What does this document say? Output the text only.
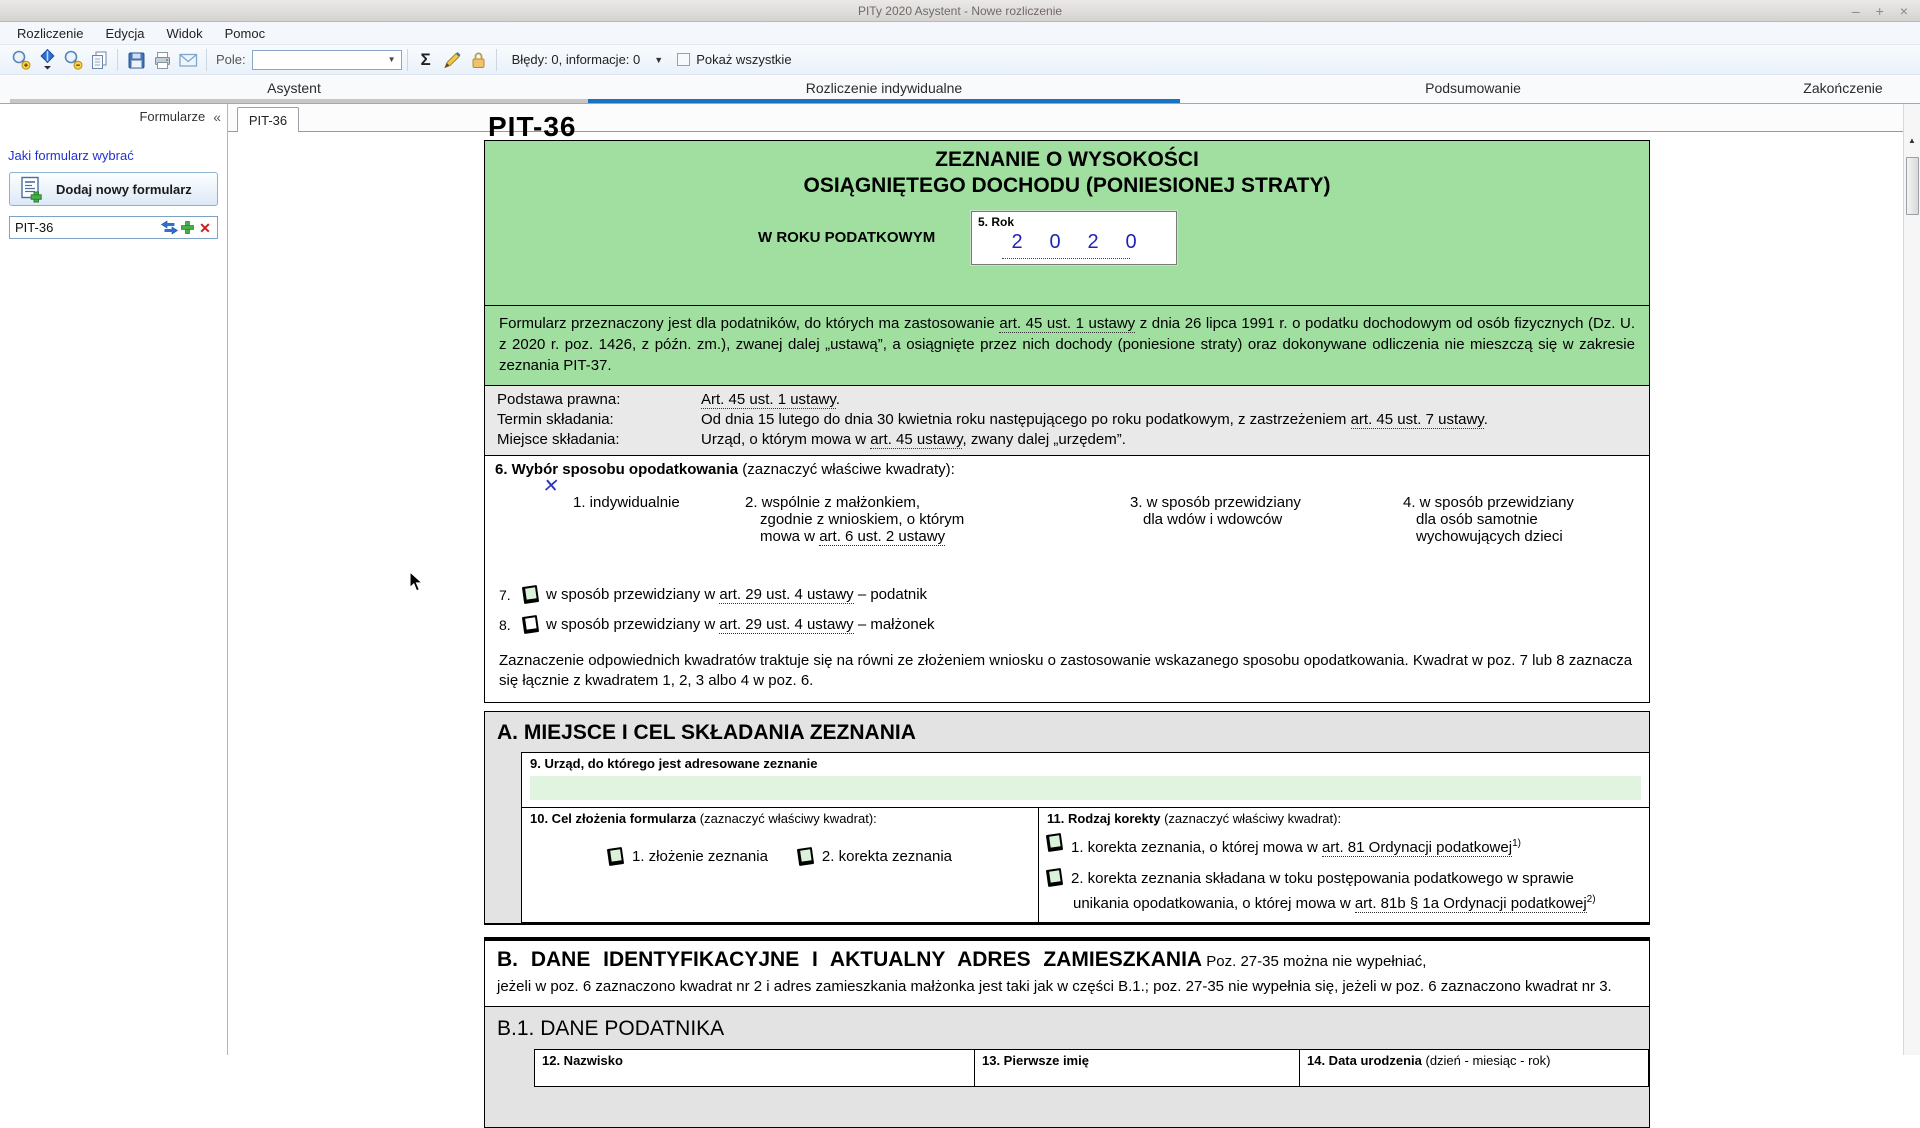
PITy 2020 Asystent - Nowe rozliczenie	– + ×
Rozliczenie	Edycja	Widok	Pomoc
Pole:	▼ Σ	Błędy: 0, informacje: 0 ▼	Pokaż wszystkie
Asystent	Rozliczenie indywidualne	Podsumowanie	Zakończenie
Formularze «
Jaki formularz wybrać

Dodaj nowy formularz
PIT-36	✕
PIT-36	PIT-36
ZEZNANIE O WYSOKOŚCI
OSIĄGNIĘTEGO DOCHODU (PONIESIONEJ STRATY)
W ROKU PODATKOWYM
5. Rok
2 0 2 0
Formularz przeznaczony jest dla podatników, do których ma zastosowanie art. 45 ust. 1 ustawy z dnia 26 lipca 1991 r. o podatku dochodowym od osób fizycznych (Dz. U. z 2020 r. poz. 1426, z późn. zm.), zwanej dalej „ustawą”, a osiągnięte przez nich dochody (poniesione straty) oraz dokonywane odliczenia nie mieszczą się w zakresie zeznania PIT-37.
Podstawa prawna:	Art. 45 ust. 1 ustawy.
Termin składania:	Od dnia 15 lutego do dnia 30 kwietnia roku następującego po roku podatkowym, z zastrzeżeniem art. 45 ust. 7 ustawy.
Miejsce składania:	Urząd, o którym mowa w art. 45 ustawy, zwany dalej „urzędem”.
6. Wybór sposobu opodatkowania (zaznaczyć właściwe kwadraty):
✕
1. indywidualnie	2. wspólnie z małżonkiem,
zgodnie z wnioskiem, o którym
mowa w art. 6 ust. 2 ustawy
3. w sposób przewidziany
dla wdów i wdowców
4. w sposób przewidziany
dla osób samotnie
wychowujących dzieci
7. w sposób przewidziany w art. 29 ust. 4 ustawy – podatnik
8. w sposób przewidziany w art. 29 ust. 4 ustawy – małżonek
Zaznaczenie odpowiednich kwadratów traktuje się na równi ze złożeniem wniosku o zastosowanie wskazanego sposobu opodatkowania. Kwadrat w poz. 7 lub 8 zaznacza się łącznie z kwadratem 1, 2, 3 albo 4 w poz. 6.
A. MIEJSCE I CEL SKŁADANIA ZEZNANIA
9. Urząd, do którego jest adresowane zeznanie
10. Cel złożenia formularza (zaznaczyć właściwy kwadrat):
1. złożenie zeznania	2. korekta zeznania
11. Rodzaj korekty (zaznaczyć właściwy kwadrat):
1. korekta zeznania, o której mowa w art. 81 Ordynacji podatkowej$^{1)}$
2. korekta zeznania składana w toku postępowania podatkowego w sprawie
unikania opodatkowania, o której mowa w art. 81b § 1a Ordynacji podatkowej$^{2)}$
B. DANE IDENTYFIKACYJNE I AKTUALNY ADRES ZAMIESZKANIA Poz. 27-35 można nie wypełniać,
jeżeli w poz. 6 zaznaczono kwadrat nr 2 i adres zamieszkania małżonka jest taki jak w części B.1.; poz. 27-35 nie wypełnia się, jeżeli w poz. 6 zaznaczono kwadrat nr 3.
B.1. DANE PODATNIKA
12. Nazwisko	13. Pierwsze imię	14. Data urodzenia (dzień - miesiąc - rok)
▲
